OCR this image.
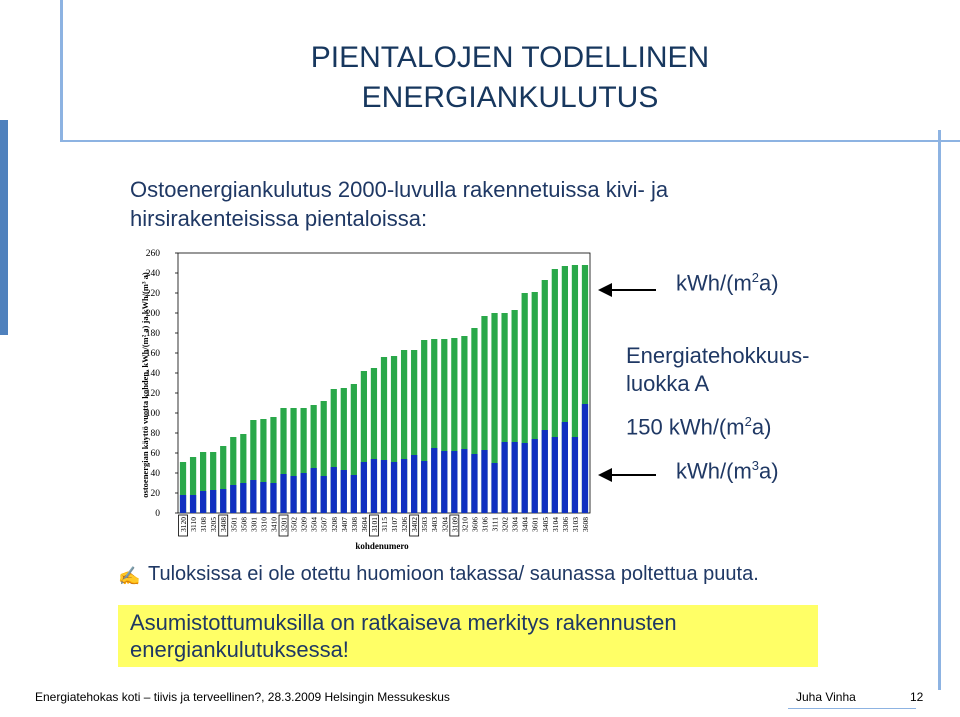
PIENTALOJEN TODELLINEN ENERGIANKULUTUS
Ostoenergiankulutus 2000-luvulla rakennetuissa kivi- ja hirsirakenteisissa pientaloissa:
ostoenergian käyttö vuotta kohden, kWh/(m² a) ja kWh/(m³ a)
kohdenumero
0
20
40
60
80
100
120
140
160
180
200
220
240
260
3120 3110 3108 3205 3408 3501 3508 3301 3310 3410 3201 3502 3209 3504 3507 3208 3407 3308 3604 3101 3115 3107 3206 3402 3503 3403 3204 3109 3210 3606 3106 3111 3202 3304 3404 3601 3405 3104 3306 3103 3608
kWh/$(m^2a)$
Energiatehokkuus-
luokka A
150 kWh/$(m^2a)$
kWh/$(m^3a)$
✍ Tuloksissa ei ole otettu huomioon takassa/ saunassa poltettua puuta.
Asumistottumuksilla on ratkaiseva merkitys rakennusten energiankulutuksessa!
Energiatehokas koti – tiivis ja terveellinen?, 28.3.2009 Helsingin Messukeskus	Juha Vinha	12
